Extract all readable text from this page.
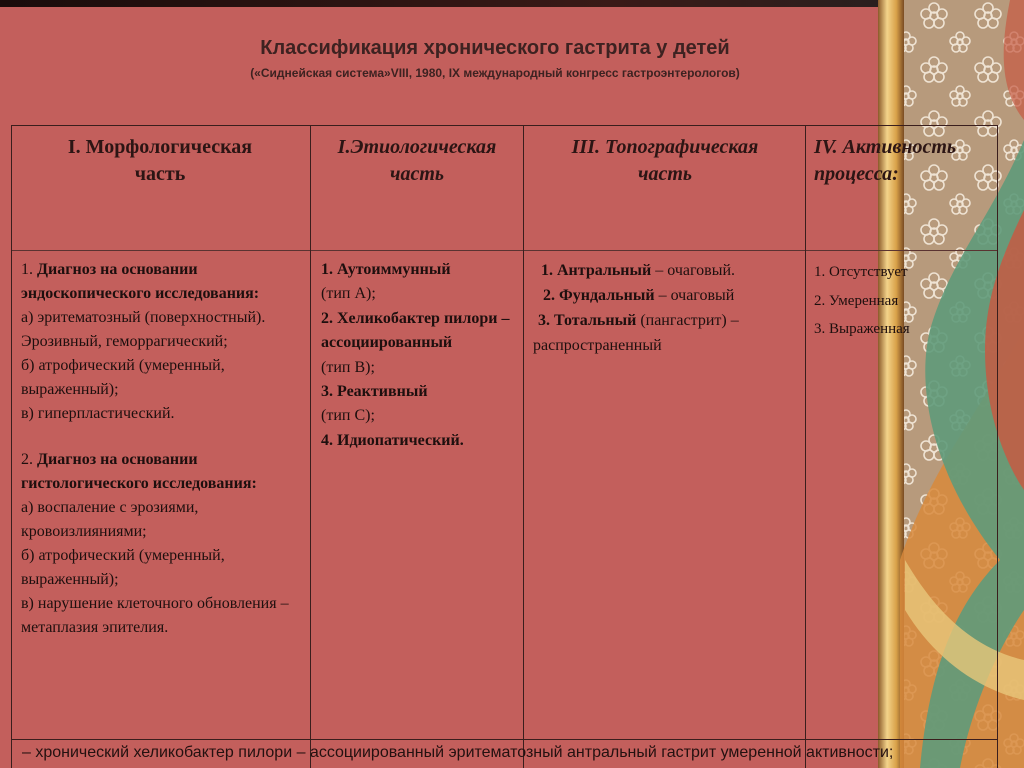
Классификация хронического гастрита у детей
(«Сиднейская система»VIII, 1980, IX международный конгресс гастроэнтерологов)
I. Морфологическая
часть
I.Этиологическая
часть
III. Топографическая
часть
IV. Активность
процесса:

1. Диагноз на основании эндоскопического исследования:

а) эритематозный (поверхностный). Эрозивный, геморрагический;

б) атрофический (умеренный, выраженный);

в) гиперпластический.

2. Диагноз на основании гистологического исследования:

а) воспаление с эрозиями, кровоизлияниями;

б) атрофический (умеренный, выраженный);

в) нарушение клеточного обновления – метаплазия эпителия.

1. Аутоиммунный

(тип А);

2. Хеликобактер пилори – ассоциированный

(тип В);

3. Реактивный

(тип С);

4. Идиопатический.

1. Антральный – очаговый.

2. Фундальный – очаговый

3. Тотальный (пангастрит) –

распространенный

1. Отсутствует

2. Умеренная

3. Выраженная

– хронический хеликобактер пилори – ассоциированный эритематозный антральный гастрит умеренной активности;
